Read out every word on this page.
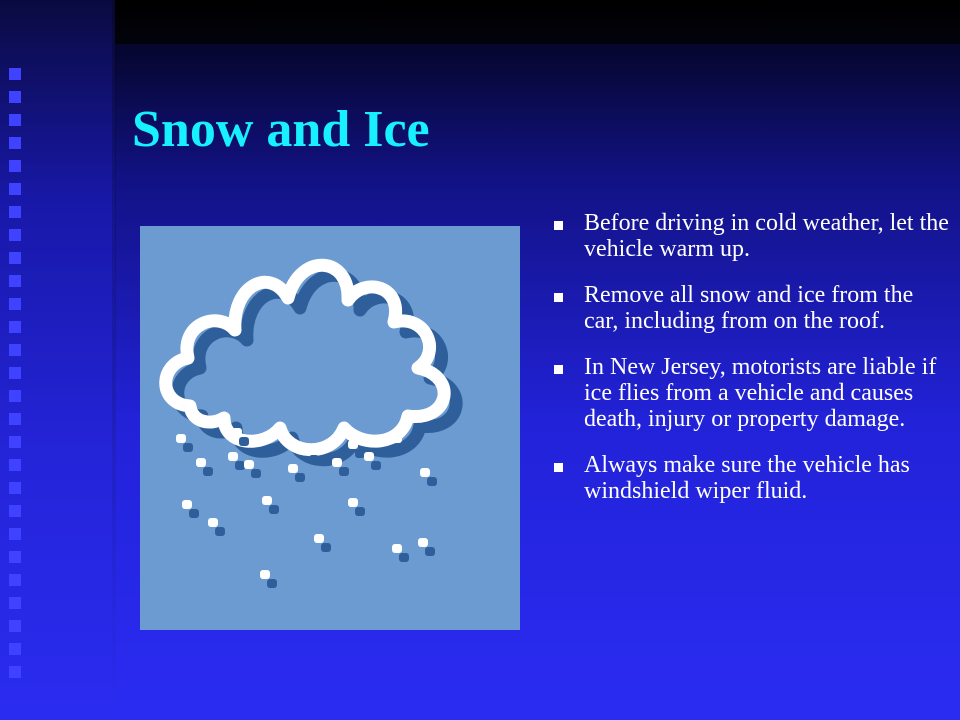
Snow and Ice
Before driving in cold weather, let the vehicle warm up.
Remove all snow and ice from the car, including from on the roof.
In New Jersey, motorists are liable if ice flies from a vehicle and causes death, injury or property damage.
Always make sure the vehicle has windshield wiper fluid.
